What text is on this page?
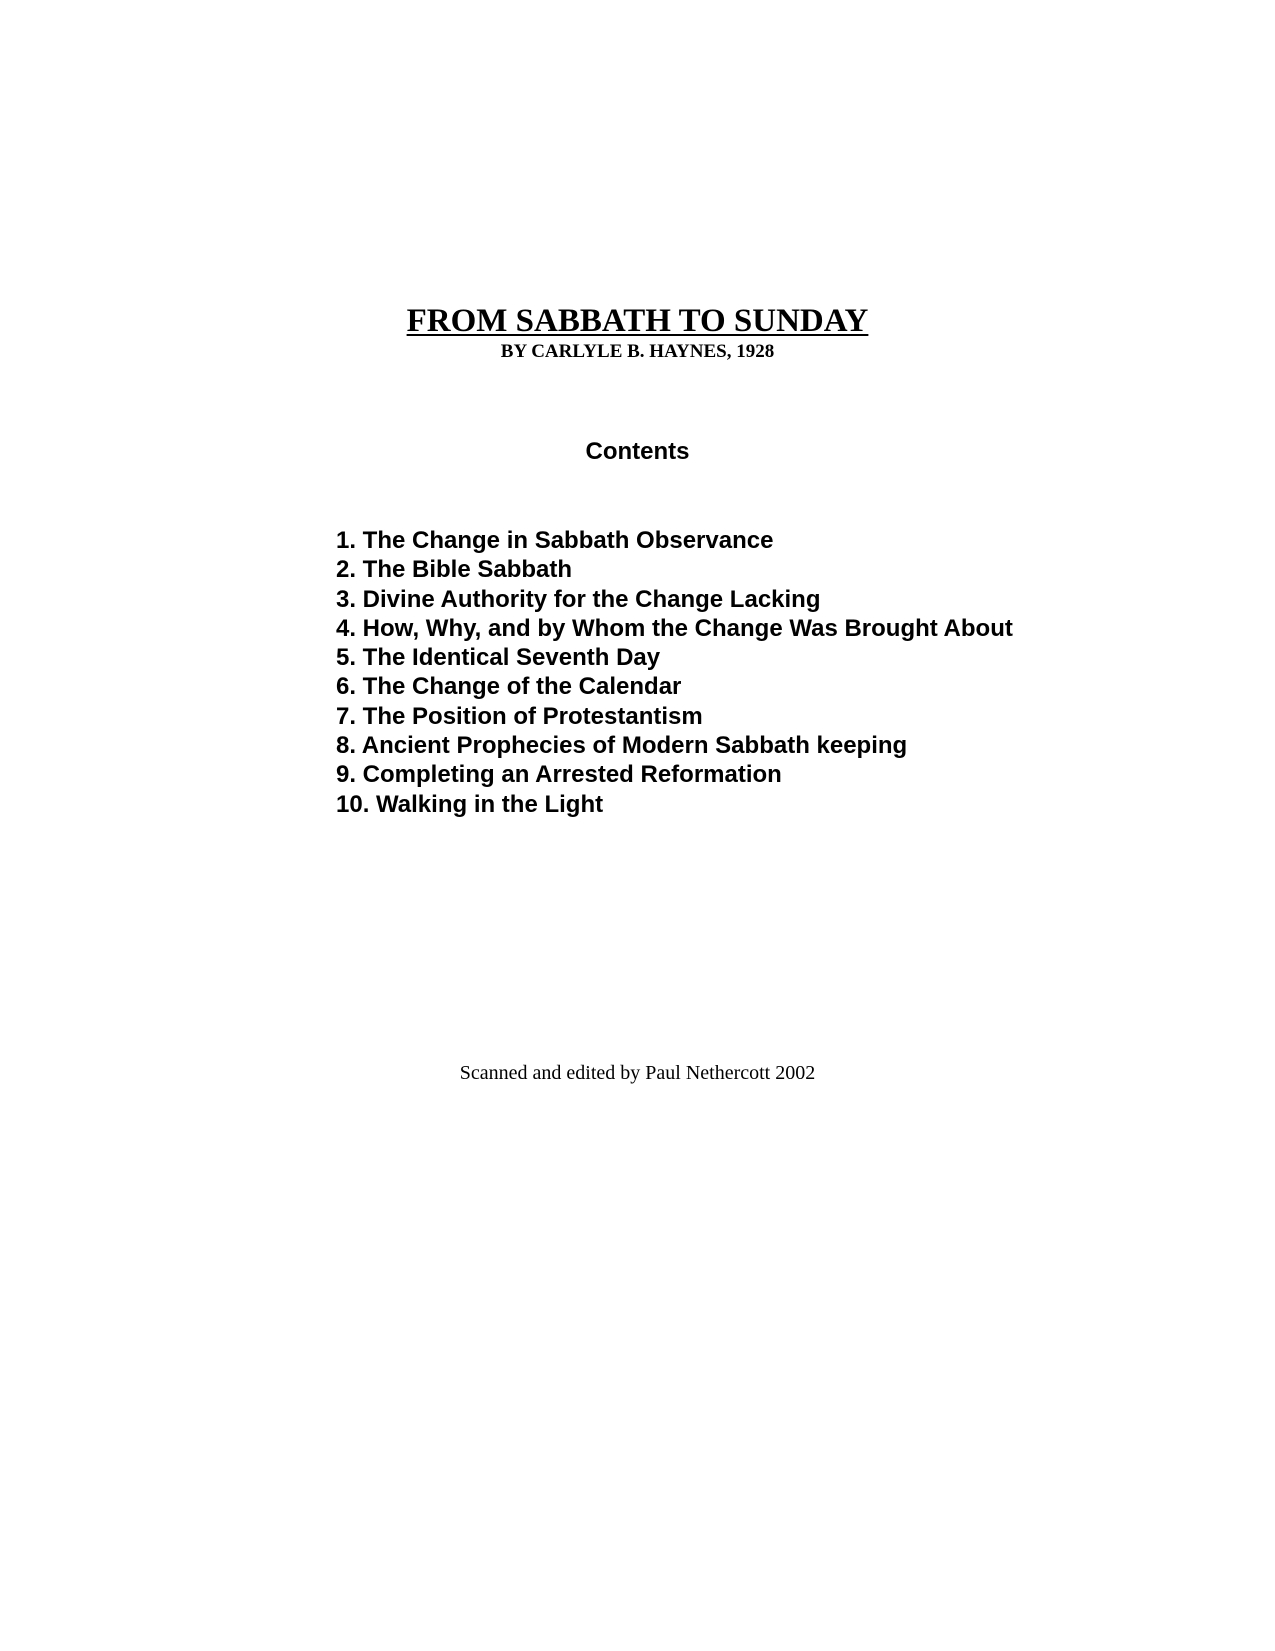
FROM SABBATH TO SUNDAY

BY CARLYLE B. HAYNES, 1928

Contents
1. The Change in Sabbath Observance
2. The Bible Sabbath
3. Divine Authority for the Change Lacking
4. How, Why, and by Whom the Change Was Brought About
5. The Identical Seventh Day
6. The Change of the Calendar
7. The Position of Protestantism
8. Ancient Prophecies of Modern Sabbath keeping
9. Completing an Arrested Reformation
10. Walking in the Light

Scanned and edited by Paul Nethercott 2002
